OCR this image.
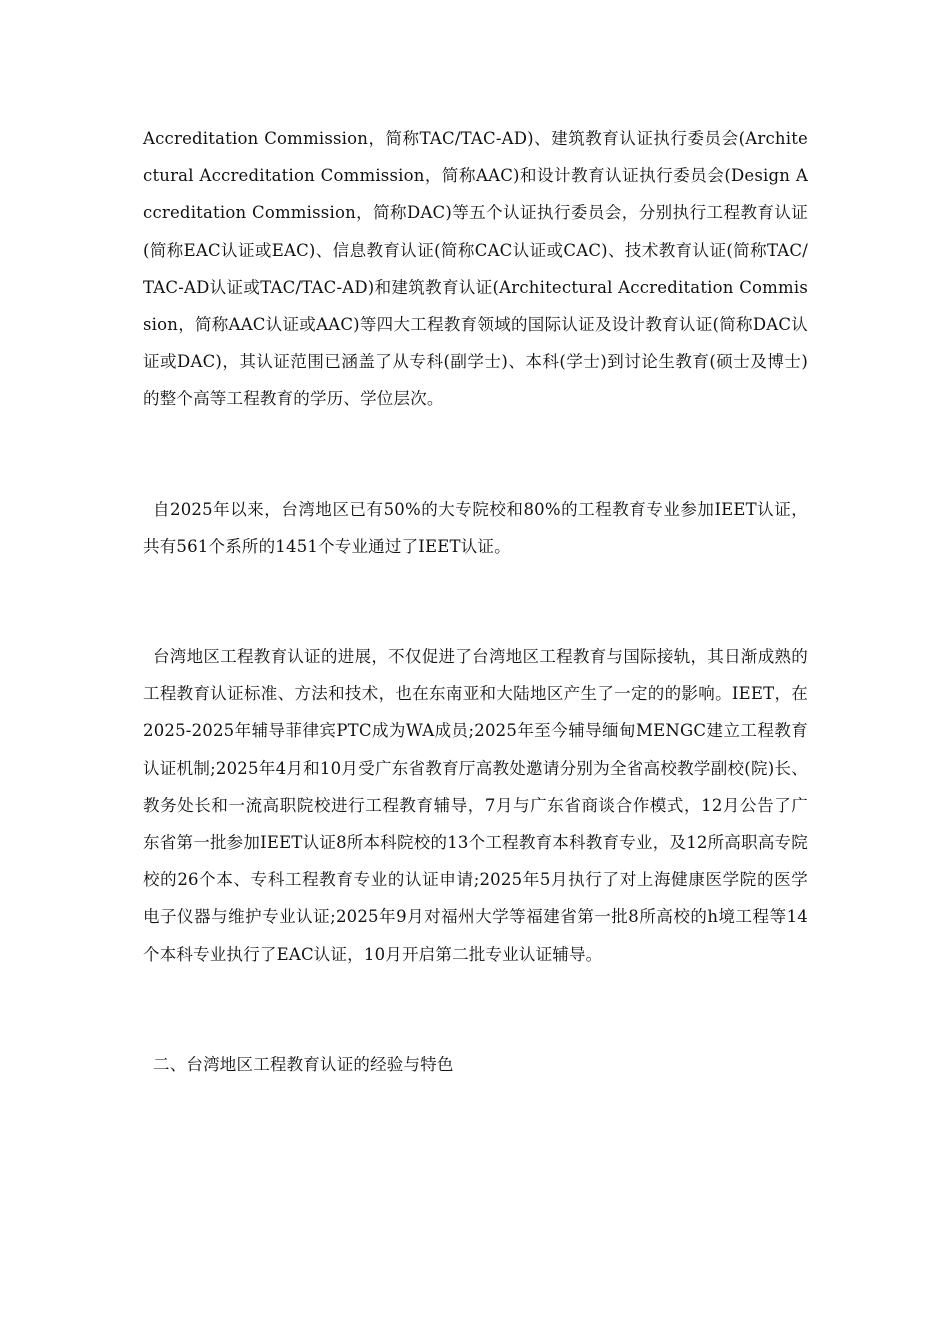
Accreditation Commission，简称TAC/TAC-AD)、建筑教育认证执行委员会(Architectural Accreditation Commission，简称AAC)和设计教育认证执行委员会(Design Accreditation Commission，简称DAC)等五个认证执行委员会，分别执行工程教育认证(简称EAC认证或EAC)、信息教育认证(简称CAC认证或CAC)、技术教育认证(简称TAC/TAC-AD认证或TAC/TAC-AD)和建筑教育认证(Architectural Accreditation Commission，简称AAC认证或AAC)等四大工程教育领域的国际认证及设计教育认证(简称DAC认证或DAC)，其认证范围已涵盖了从专科(副学士)、本科(学士)到讨论生教育(硕士及博士)的整个高等工程教育的学历、学位层次。

自2025年以来，台湾地区已有50%的大专院校和80%的工程教育专业参加IEET认证，共有561个系所的1451个专业通过了IEET认证。

台湾地区工程教育认证的进展，不仅促进了台湾地区工程教育与国际接轨，其日渐成熟的工程教育认证标准、方法和技术，也在东南亚和大陆地区产生了一定的的影响。IEET，在2025-2025年辅导菲律宾PTC成为WA成员;2025年至今辅导缅甸MENGC建立工程教育认证机制;2025年4月和10月受广东省教育厅高教处邀请分别为全省高校教学副校(院)长、教务处长和一流高职院校进行工程教育辅导，7月与广东省商谈合作模式，12月公告了广东省第一批参加IEET认证8所本科院校的13个工程教育本科教育专业，及12所高职高专院校的26个本、专科工程教育专业的认证申请;2025年5月执行了对上海健康医学院的医学电子仪器与维护专业认证;2025年9月对福州大学等福建省第一批8所高校的h境工程等14个本科专业执行了EAC认证，10月开启第二批专业认证辅导。

二、台湾地区工程教育认证的经验与特色
